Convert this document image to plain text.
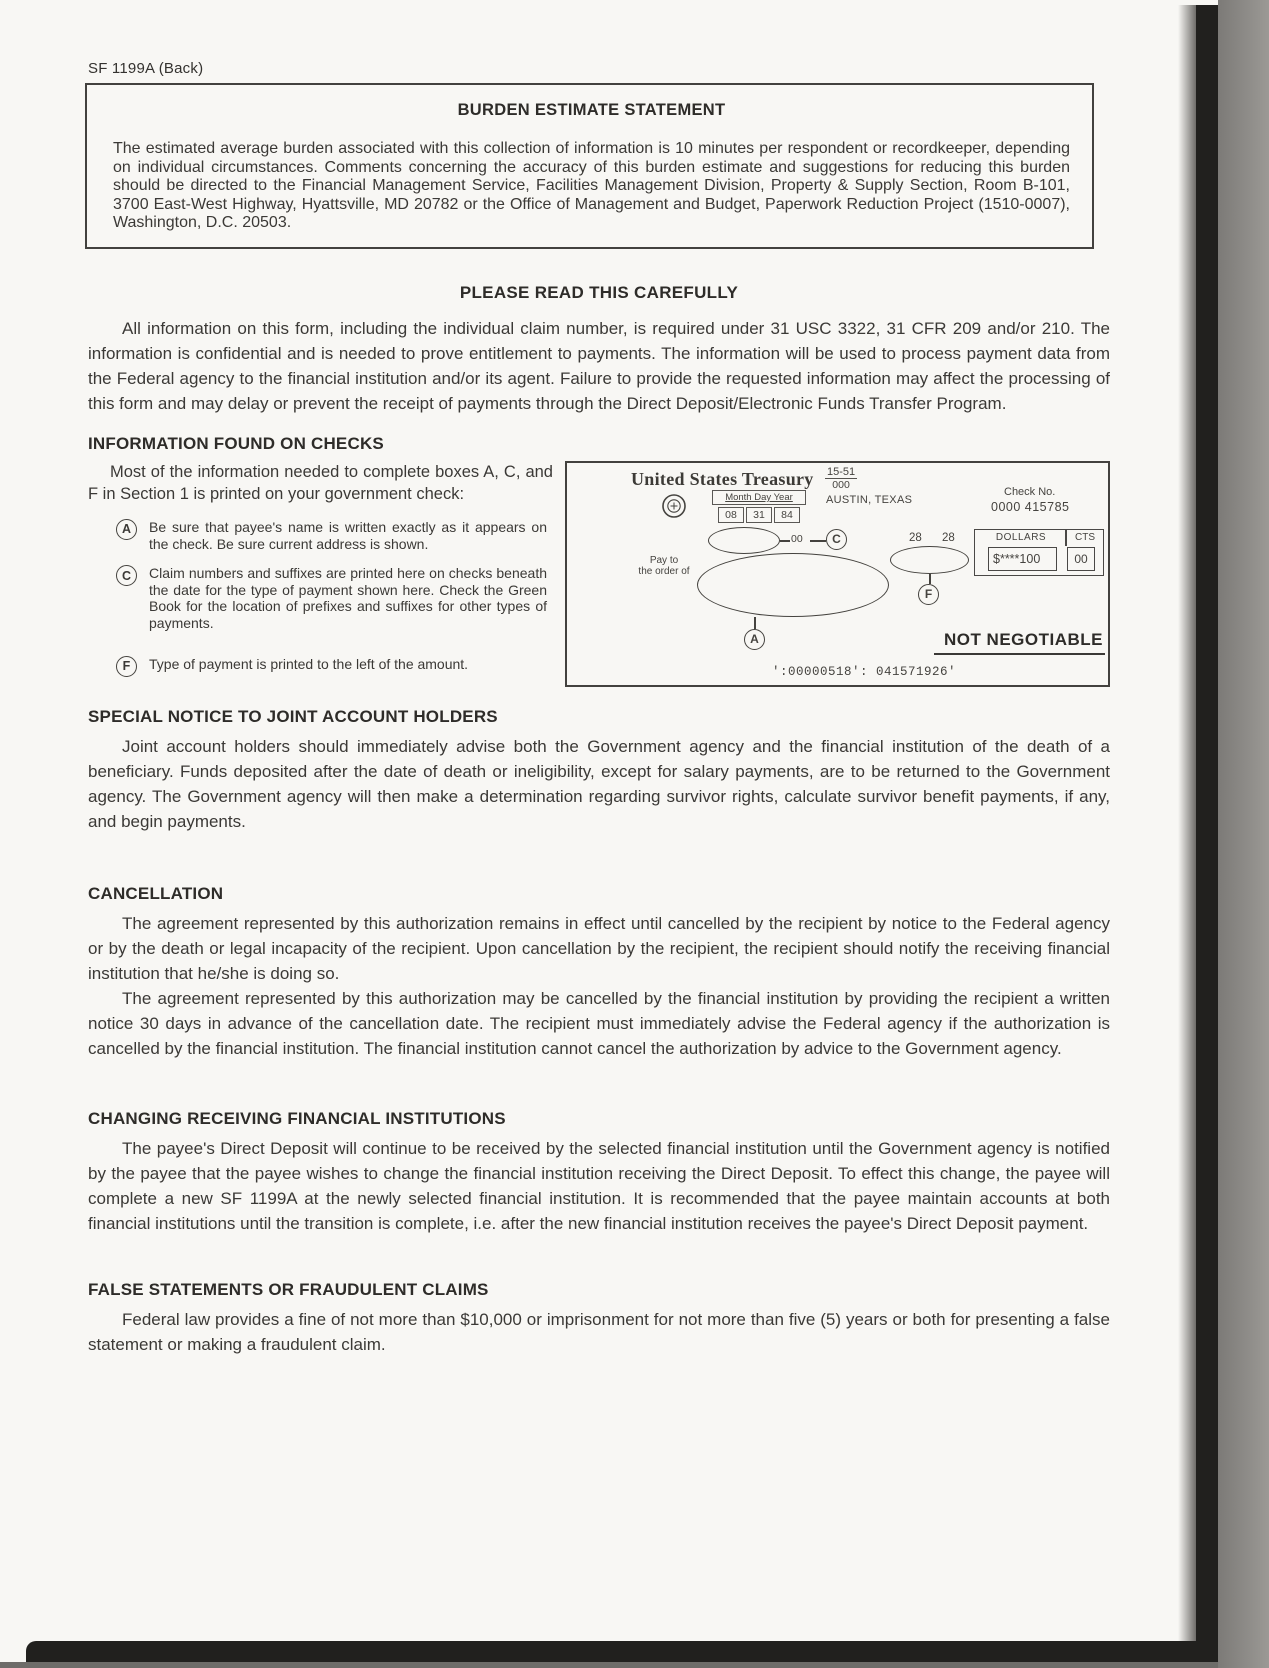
SF 1199A (Back)
BURDEN ESTIMATE STATEMENT

The estimated average burden associated with this collection of information is 10 minutes per respondent or recordkeeper, depending on individual circumstances. Comments concerning the accuracy of this burden estimate and suggestions for reducing this burden should be directed to the Financial Management Service, Facilities Management Division, Property & Supply Section, Room B-101, 3700 East-West Highway, Hyattsville, MD 20782 or the Office of Management and Budget, Paperwork Reduction Project (1510-0007), Washington, D.C. 20503.

PLEASE READ THIS CAREFULLY

All information on this form, including the individual claim number, is required under 31 USC 3322, 31 CFR 209 and/or 210. The information is confidential and is needed to prove entitlement to payments. The information will be used to process payment data from the Federal agency to the financial institution and/or its agent. Failure to provide the requested information may affect the processing of this form and may delay or prevent the receipt of payments through the Direct Deposit/Electronic Funds Transfer Program.

INFORMATION FOUND ON CHECKS

Most of the information needed to complete boxes A, C, and F in Section 1 is printed on your government check:

A	Be sure that payee's name is written exactly as it appears on the check. Be sure current address is shown.

C	Claim numbers and suffixes are printed here on checks beneath the date for the type of payment shown here. Check the Green Book for the location of prefixes and suffixes for other types of payments.

F	Type of payment is printed to the left of the amount.

United States Treasury $\frac{15-51}{000}$
Month Day Year
08	31	84
AUSTIN, TEXAS
Check No.
0000 415785
00	C	28 28	DOLLARS	CTS
$****100	00
Pay to
the order of
F
A	NOT NEGOTIABLE
':00000518': 041571926'
SPECIAL NOTICE TO JOINT ACCOUNT HOLDERS

Joint account holders should immediately advise both the Government agency and the financial institution of the death of a beneficiary. Funds deposited after the date of death or ineligibility, except for salary payments, are to be returned to the Government agency. The Government agency will then make a determination regarding survivor rights, calculate survivor benefit payments, if any, and begin payments.

CANCELLATION

The agreement represented by this authorization remains in effect until cancelled by the recipient by notice to the Federal agency or by the death or legal incapacity of the recipient. Upon cancellation by the recipient, the recipient should notify the receiving financial institution that he/she is doing so.

The agreement represented by this authorization may be cancelled by the financial institution by providing the recipient a written notice 30 days in advance of the cancellation date. The recipient must immediately advise the Federal agency if the authorization is cancelled by the financial institution. The financial institution cannot cancel the authorization by advice to the Government agency.

CHANGING RECEIVING FINANCIAL INSTITUTIONS

The payee's Direct Deposit will continue to be received by the selected financial institution until the Government agency is notified by the payee that the payee wishes to change the financial institution receiving the Direct Deposit. To effect this change, the payee will complete a new SF 1199A at the newly selected financial institution. It is recommended that the payee maintain accounts at both financial institutions until the transition is complete, i.e. after the new financial institution receives the payee's Direct Deposit payment.

FALSE STATEMENTS OR FRAUDULENT CLAIMS

Federal law provides a fine of not more than $10,000 or imprisonment for not more than five (5) years or both for presenting a false statement or making a fraudulent claim.
